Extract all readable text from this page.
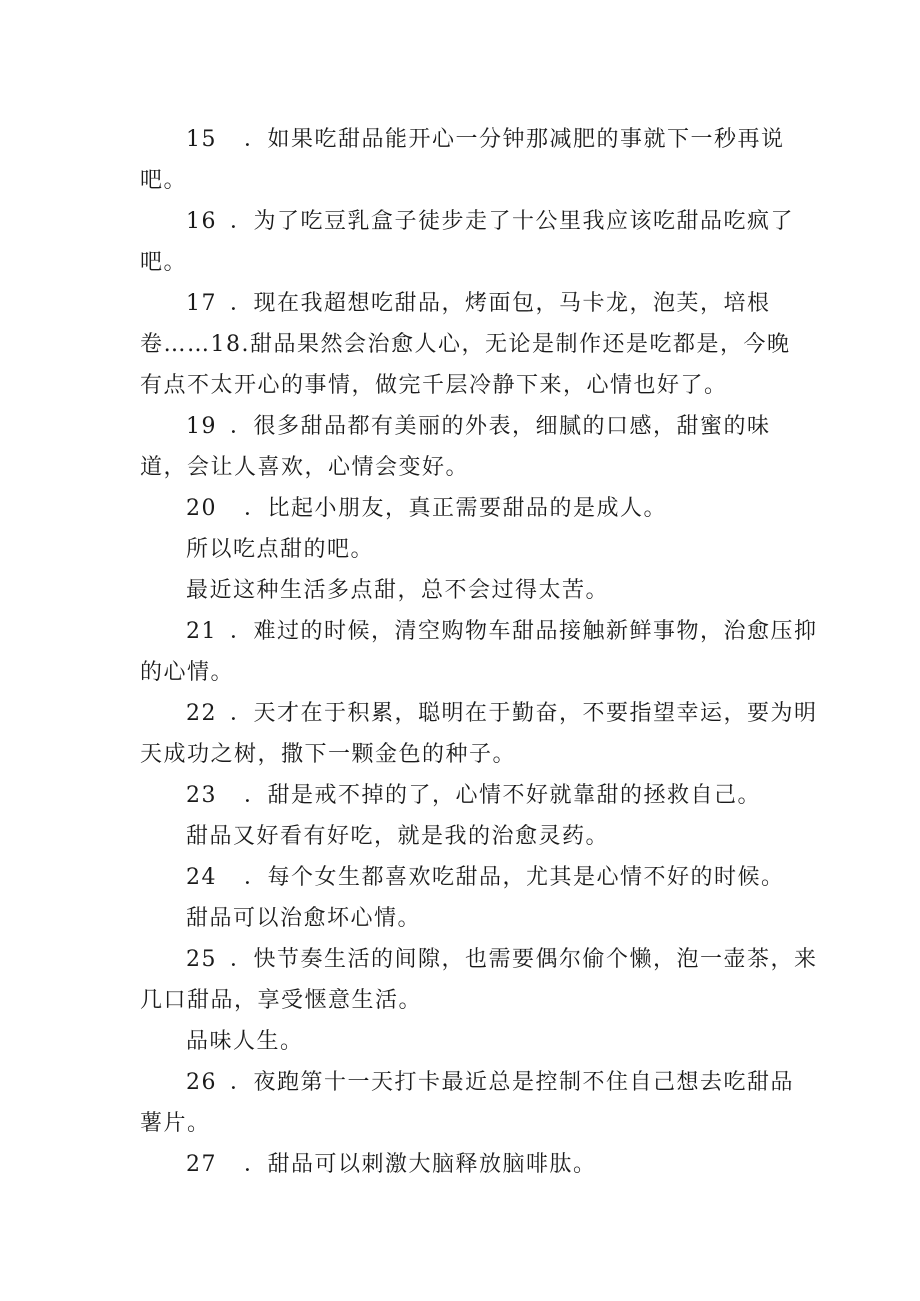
15 ．如果吃甜品能开心一分钟那减肥的事就下一秒再说
吧。
16 ．为了吃豆乳盒子徒步走了十公里我应该吃甜品吃疯了
吧。
17 ．现在我超想吃甜品，烤面包，马卡龙，泡芙，培根
卷……18.甜品果然会治愈人心，无论是制作还是吃都是，今晚
有点不太开心的事情，做完千层冷静下来，心情也好了。
19 ．很多甜品都有美丽的外表，细腻的口感，甜蜜的味
道，会让人喜欢，心情会变好。
20 ．比起小朋友，真正需要甜品的是成人。
所以吃点甜的吧。
最近这种生活多点甜，总不会过得太苦。
21 ．难过的时候，清空购物车甜品接触新鲜事物，治愈压抑
的心情。
22 ．天才在于积累，聪明在于勤奋，不要指望幸运，要为明
天成功之树，撒下一颗金色的种子。
23 ．甜是戒不掉的了，心情不好就靠甜的拯救自己。
甜品又好看有好吃，就是我的治愈灵药。
24 ．每个女生都喜欢吃甜品，尤其是心情不好的时候。
甜品可以治愈坏心情。
25 ．快节奏生活的间隙，也需要偶尔偷个懒，泡一壶茶，来
几口甜品，享受惬意生活。
品味人生。
26 ．夜跑第十一天打卡最近总是控制不住自己想去吃甜品
薯片。
27 ．甜品可以刺激大脑释放脑啡肽。
